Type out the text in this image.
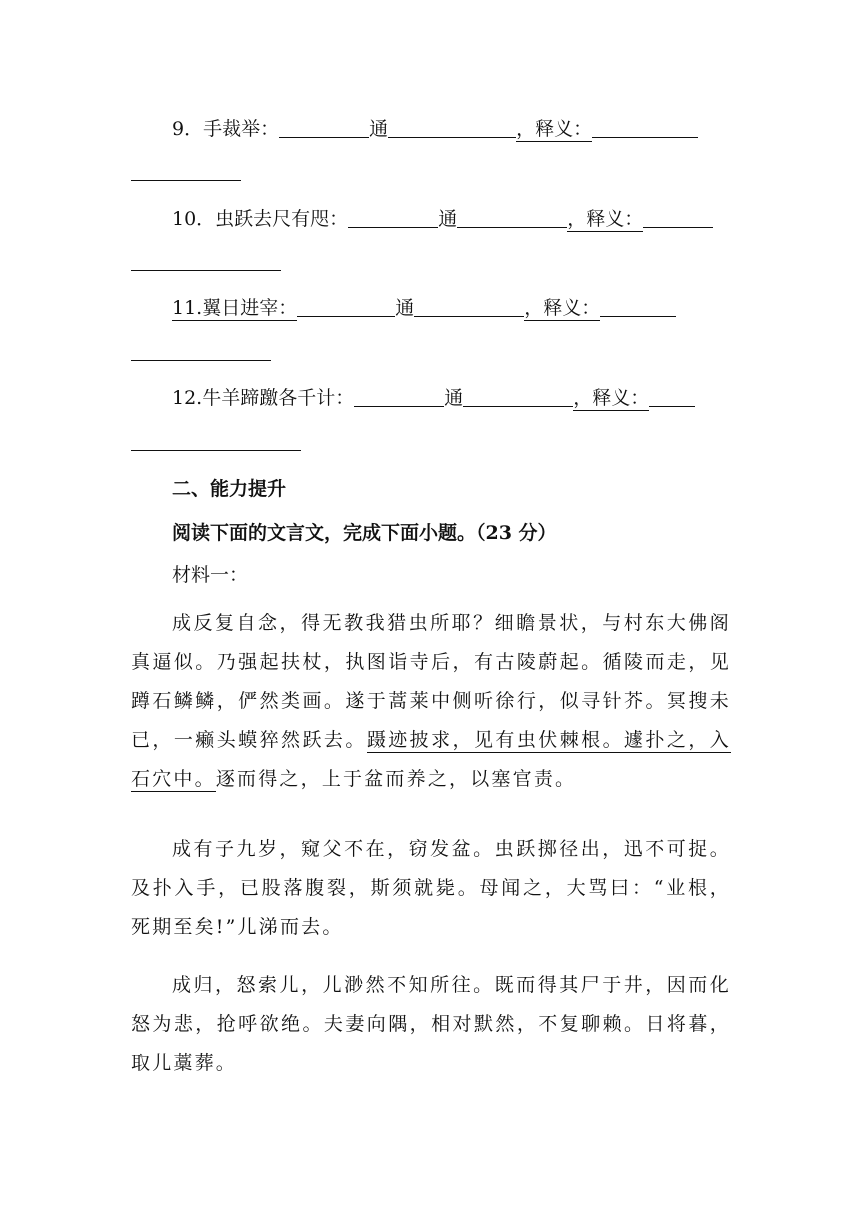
9．手裁举：	通	，释义：
10．虫跃去尺有咫：	通	，释义：
11.翼日进宰：	通	，释义：
12.牛羊蹄躈各千计：	通	，释义：
二、能力提升
阅读下面的文言文，完成下面小题。（23 分）
材料一：
成反复自念，得无教我猎虫所耶？细瞻景状，与村东大佛阁真逼似。乃强起扶杖，执图诣寺后，有古陵蔚起。循陵而走，见蹲石鳞鳞，俨然类画。遂于蒿莱中侧听徐行，似寻针芥。冥搜未已，一癞头蟆猝然跃去。蹑迹披求，见有虫伏棘根。遽扑之，入石穴中。逐而得之，上于盆而养之，以塞官责。
成有子九岁，窥父不在，窃发盆。虫跃掷径出，迅不可捉。及扑入手，已股落腹裂，斯须就毙。母闻之，大骂曰：“业根，死期至矣!”儿涕而去。
成归，怒索儿，儿渺然不知所往。既而得其尸于井，因而化怒为悲，抢呼欲绝。夫妻向隅，相对默然，不复聊赖。日将暮，取儿藁葬。
